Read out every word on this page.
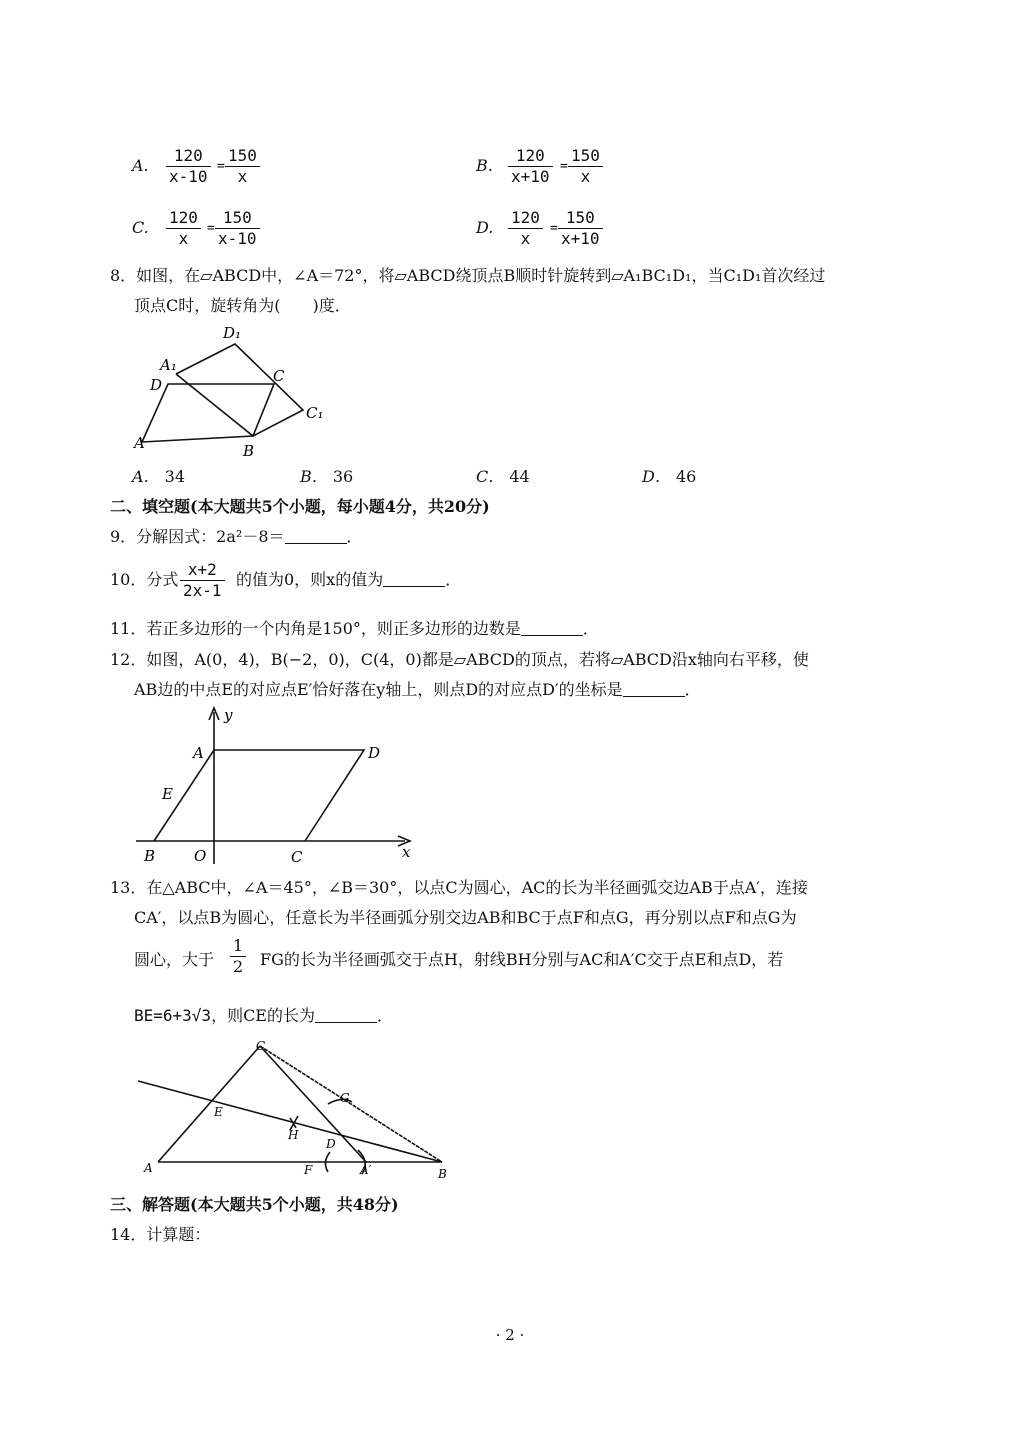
A. $\frac{120}{x-10} = \frac{150}{x}$	B. $\frac{120}{x+10} = \frac{150}{x}$
C. $\frac{120}{x} = \frac{150}{x-10}$	D. $\frac{120}{x} = \frac{150}{x+10}$
8．如图，在▱ABCD中，∠A＝72°，将▱ABCD绕顶点B顺时针旋转到▱A₁BC₁D₁，当C₁D₁首次经过
顶点C时，旋转角为(　　)度．
D₁
A₁
D	C
C₁
A	B
A． 34	B． 36	C． 44	D． 46
二、填空题(本大题共5个小题，每小题4分，共20分)
9．分解因式：2a²－8＝	．
10．分式 $\frac{x+2}{2x-1}$ 的值为0，则x的值为	．
11．若正多边形的一个内角是150°，则正多边形的边数是	．
12．如图，A(0，4)，B(−2，0)，C(4，0)都是▱ABCD的顶点，若将▱ABCD沿x轴向右平移，使
AB边的中点E的对应点E′恰好落在y轴上，则点D的对应点D′的坐标是	．
y
A	D
E
B	O	C	x
13．在△ABC中，∠A＝45°，∠B＝30°，以点C为圆心，AC的长为半径画弧交边AB于点A′，连接
CA′，以点B为圆心，任意长为半径画弧分别交边AB和BC于点F和点G，再分别以点F和点G为
圆心，大于 $\frac{1}{2}$ FG的长为半径画弧交于点H，射线BH分别与AC和A′C交于点E和点D，若
BE=6+3√3，则CE的长为	．
C
G
E
H
D
A	F	A′	B
三、解答题(本大题共5个小题，共48分)
14．计算题：
· 2 ·
